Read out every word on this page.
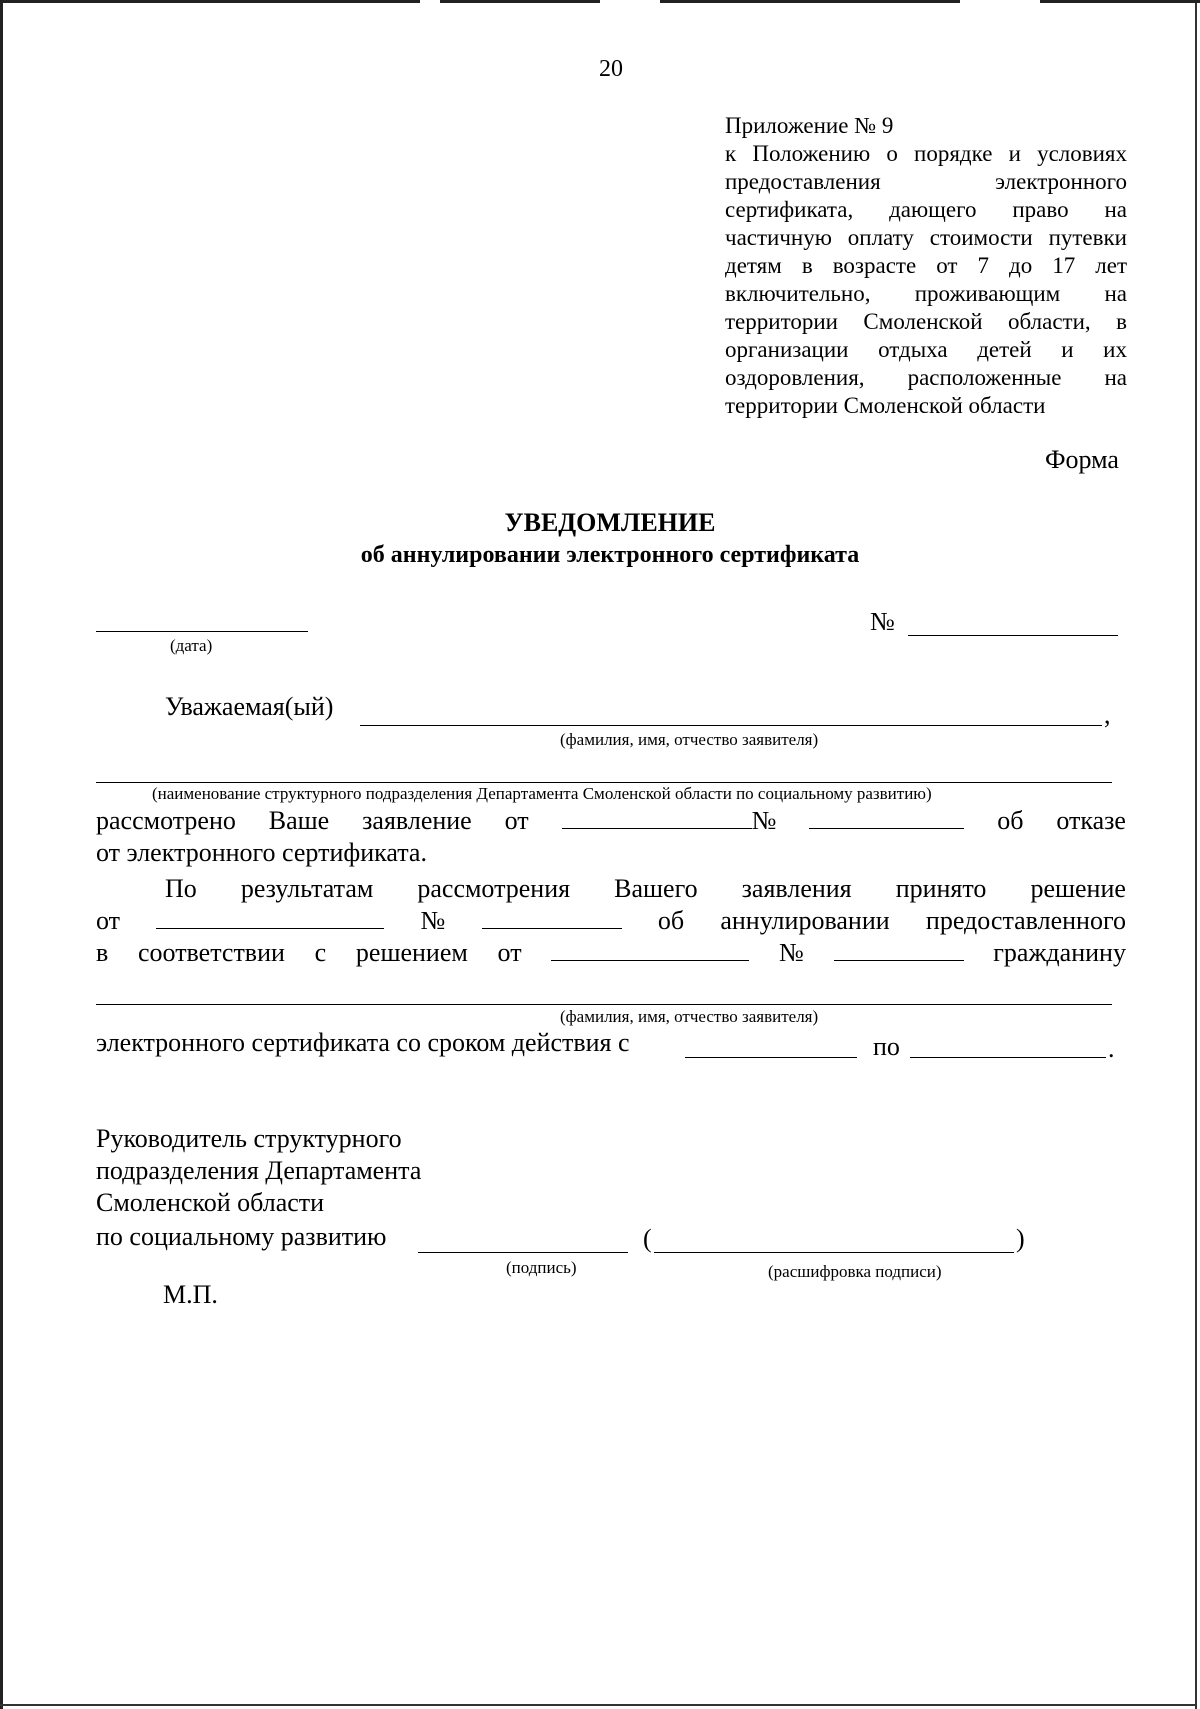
20
Приложение № 9
к Положению о порядке и условиях
предоставления электронного
сертификата, дающего право на
частичную оплату стоимости путевки
детям в возрасте от 7 до 17 лет
включительно, проживающим на
территории Смоленской области, в
организации отдыха детей и их
оздоровления, расположенные на
территории Смоленской области
Форма
УВЕДОМЛЕНИЕ
об аннулировании электронного сертификата
(дата)
№
Уважаемая(ый)	,
(фамилия, имя, отчество заявителя)
(наименование структурного подразделения Департамента Смоленской области по социальному развитию)
рассмотрено Ваше заявление от	№	об отказе
от электронного сертификата.
По результатам рассмотрения Вашего заявления принято решение
от	№	об аннулировании предоставленного
в соответствии с решением от	№	гражданину
(фамилия, имя, отчество заявителя)
электронного сертификата со сроком действия с	по	.
Руководитель структурного
подразделения Департамента
Смоленской области
по социальному развитию	(	)
(подпись)	(расшифровка подписи)
М.П.
